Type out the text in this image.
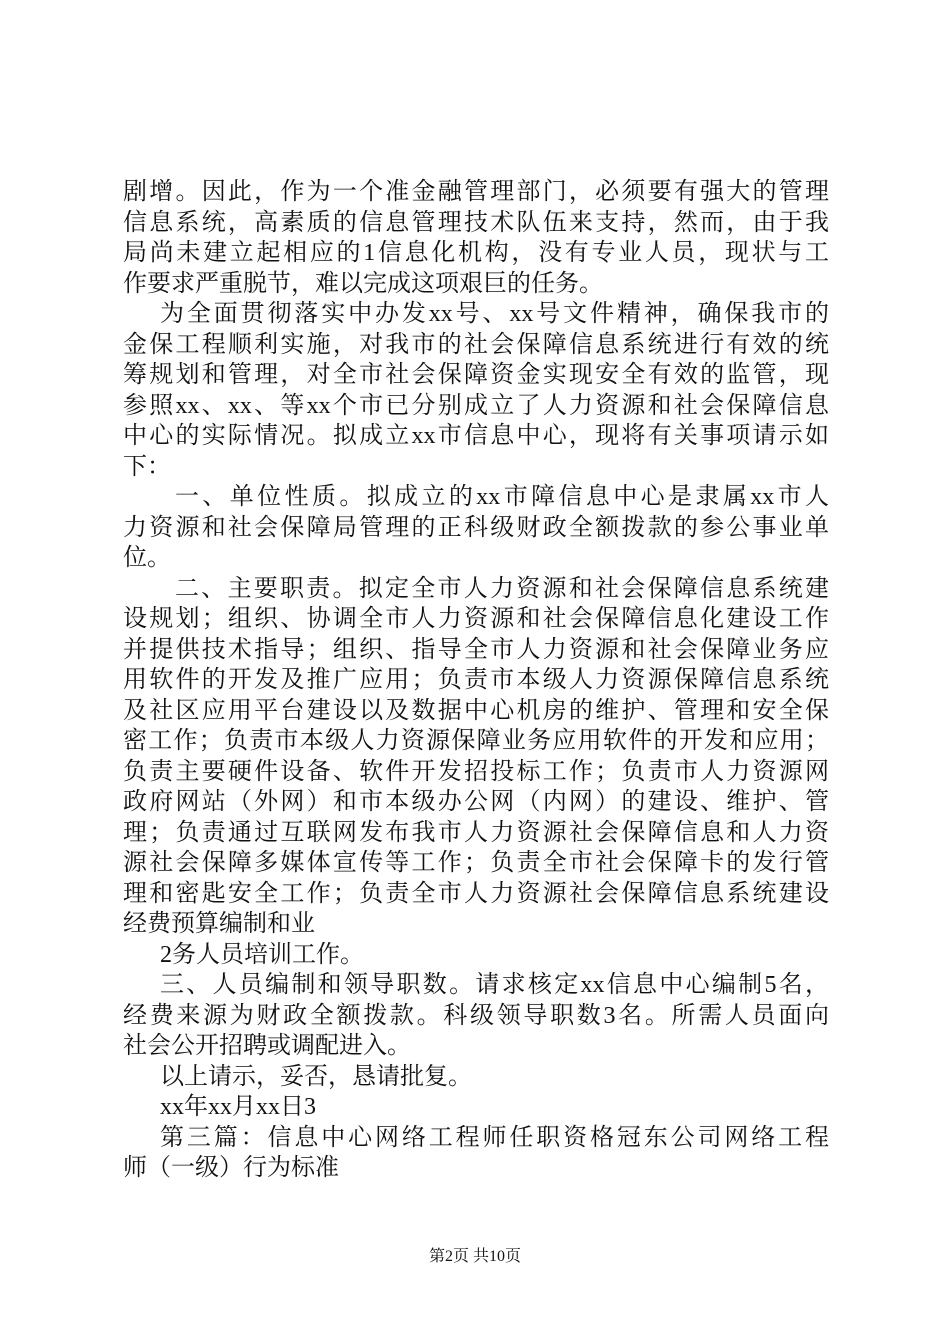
剧增。因此，作为一个准金融管理部门，必须要有强大的管理
信息系统，高素质的信息管理技术队伍来支持，然而，由于我
局尚未建立起相应的1信息化机构，没有专业人员，现状与工
作要求严重脱节，难以完成这项艰巨的任务。
为全面贯彻落实中办发xx号、xx号文件精神，确保我市的
金保工程顺利实施，对我市的社会保障信息系统进行有效的统
筹规划和管理，对全市社会保障资金实现安全有效的监管，现
参照xx、xx、等xx个市已分别成立了人力资源和社会保障信息
中心的实际情况。拟成立xx市信息中心，现将有关事项请示如
下：
一、单位性质。拟成立的xx市障信息中心是隶属xx市人
力资源和社会保障局管理的正科级财政全额拨款的参公事业单
位。
二、主要职责。拟定全市人力资源和社会保障信息系统建
设规划；组织、协调全市人力资源和社会保障信息化建设工作
并提供技术指导；组织、指导全市人力资源和社会保障业务应
用软件的开发及推广应用；负责市本级人力资源保障信息系统
及社区应用平台建设以及数据中心机房的维护、管理和安全保
密工作；负责市本级人力资源保障业务应用软件的开发和应用；
负责主要硬件设备、软件开发招投标工作；负责市人力资源网
政府网站（外网）和市本级办公网（内网）的建设、维护、管
理；负责通过互联网发布我市人力资源社会保障信息和人力资
源社会保障多媒体宣传等工作；负责全市社会保障卡的发行管
理和密匙安全工作；负责全市人力资源社会保障信息系统建设
经费预算编制和业
2务人员培训工作。
三、人员编制和领导职数。请求核定xx信息中心编制5名，
经费来源为财政全额拨款。科级领导职数3名。所需人员面向
社会公开招聘或调配进入。
以上请示，妥否，恳请批复。
xx年xx月xx日3
第三篇：信息中心网络工程师任职资格冠东公司网络工程
师（一级）行为标准
第2页 共10页
